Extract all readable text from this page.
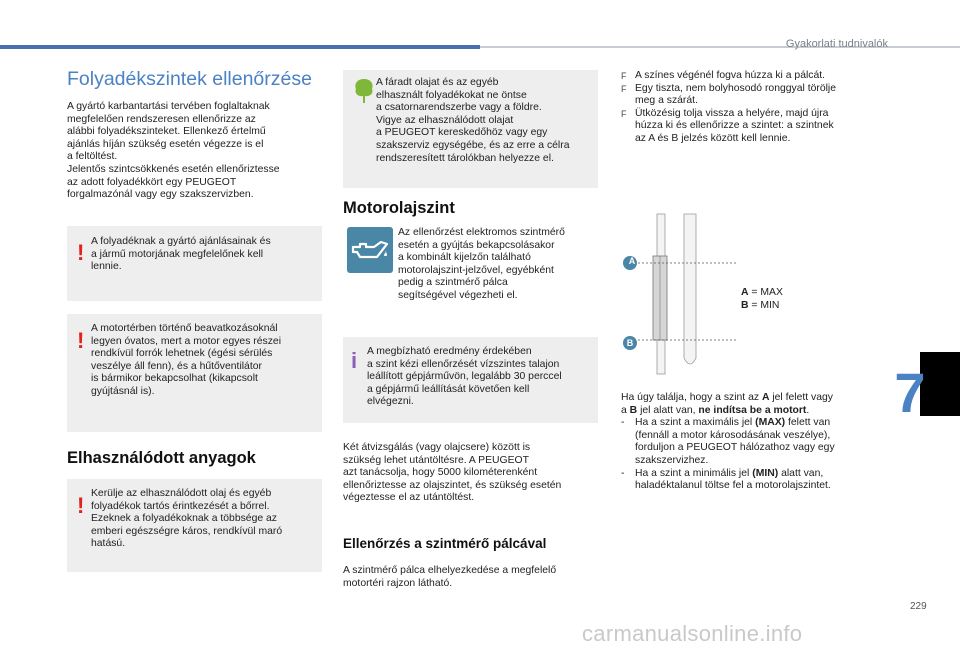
Gyakorlati tudnivalók
Folyadékszintek ellenőrzése
A gyártó karbantartási tervében foglaltaknak
megfelelően rendszeresen ellenőrizze az
alábbi folyadékszinteket. Ellenkező értelmű
ajánlás híján szükség esetén végezze is el
a feltöltést.
Jelentős szintcsökkenés esetén ellenőriztesse
az adott folyadékkört egy PEUGEOT
forgalmazónál vagy egy szakszervizben.
! A folyadéknak a gyártó ajánlásainak és
a jármű motorjának megfelelőnek kell
lennie.
! A motortérben történő beavatkozásoknál
legyen óvatos, mert a motor egyes részei
rendkívül forrók lehetnek (égési sérülés
veszélye áll fenn), és a hűtőventilátor
is bármikor bekapcsolhat (kikapcsolt
gyújtásnál is).
Elhasználódott anyagok
! Kerülje az elhasználódott olaj és egyéb
folyadékok tartós érintkezését a bőrrel.
Ezeknek a folyadékoknak a többsége az
emberi egészségre káros, rendkívül maró
hatású.
A fáradt olajat és az egyéb
elhasznált folyadékokat ne öntse
a csatornarendszerbe vagy a földre.
Vigye az elhasználódott olajat
a PEUGEOT kereskedőhöz vagy egy
szakszerviz egységébe, és az erre a célra
rendszeresített tárolókban helyezze el.
Motorolajszint
Az ellenőrzést elektromos szintmérő
esetén a gyújtás bekapcsolásakor
a kombinált kijelzőn található
motorolajszint-jelzővel, egyébként
pedig a szintmérő pálca
segítségével végezheti el.
i A megbízható eredmény érdekében
a szint kézi ellenőrzését vízszintes talajon
leállított gépjárművön, legalább 30 perccel
a gépjármű leállítását követően kell
elvégezni.
Két átvizsgálás (vagy olajcsere) között is
szükség lehet utántöltésre. A PEUGEOT
azt tanácsolja, hogy 5000 kilométerenként
ellenőriztesse az olajszintet, és szükség esetén
végeztesse el az utántöltést.
Ellenőrzés a szintmérő pálcával
A szintmérő pálca elhelyezkedése a megfelelő
motortéri rajzon látható.
F A színes végénél fogva húzza ki a pálcát.
F Egy tiszta, nem bolyhosodó ronggyal törölje
meg a szárát.
F Ütközésig tolja vissza a helyére, majd újra
húzza ki és ellenőrizze a szintet: a szintnek
az A és B jelzés között kell lennie.
A
B
A = MAX
B = MIN
Ha úgy találja, hogy a szint az A jel felett vagy
a B jel alatt van, ne indítsa be a motort.
- Ha a szint a maximális jel (MAX) felett van
(fennáll a motor károsodásának veszélye),
forduljon a PEUGEOT hálózathoz vagy egy
szakszervizhez.
- Ha a szint a minimális jel (MIN) alatt van,
haladéktalanul töltse fel a motorolajszintet.
7
229
carmanualsonline.info
